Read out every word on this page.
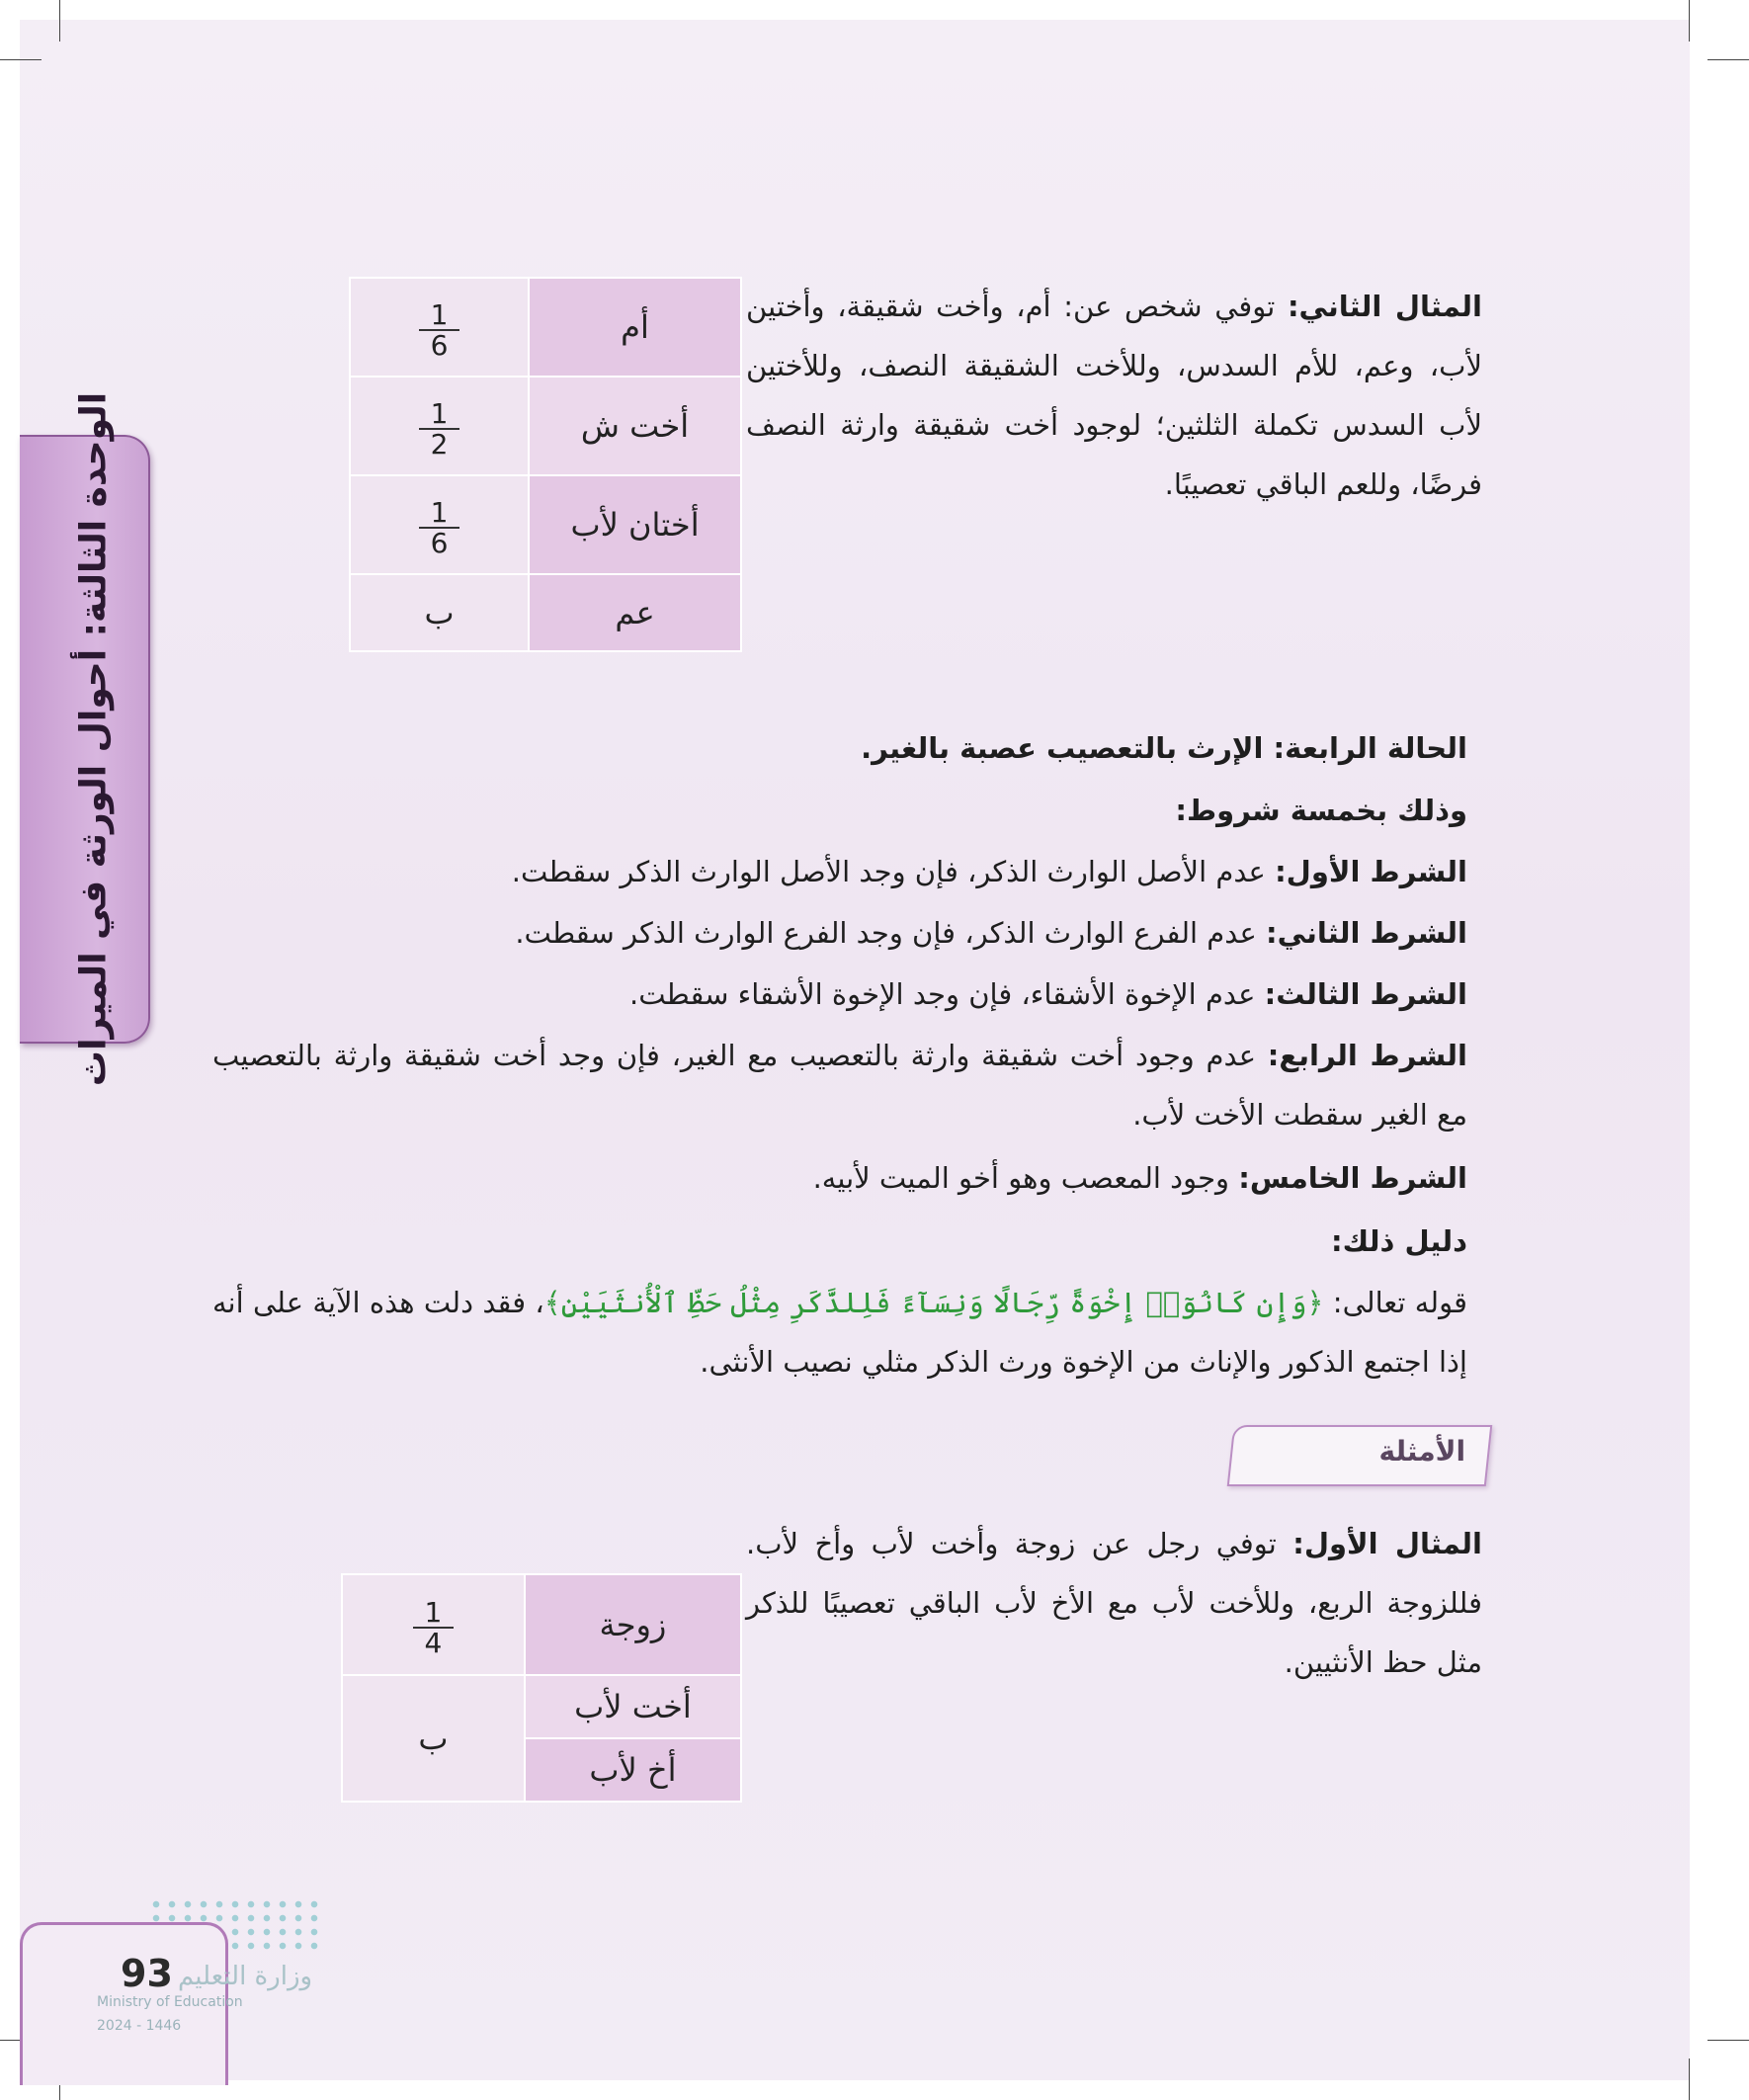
الوحدة الثالثة: أحوال الورثة في الميراث
المثال الثاني: توفي شخص عن: أم، وأخت شقيقة، وأختين لأب، وعم، للأم السدس، وللأخت الشقيقة النصف، وللأختين لأب السدس تكملة الثلثين؛ لوجود أخت شقيقة وارثة النصف فرضًا، وللعم الباقي تعصيبًا.
أم	$\frac{1}{6}$

أخت ش	$\frac{1}{2}$

أختان لأب	$\frac{1}{6}$

عم	ب
الحالة الرابعة: الإرث بالتعصيب عصبة بالغير.
وذلك بخمسة شروط:
الشرط الأول: عدم الأصل الوارث الذكر، فإن وجد الأصل الوارث الذكر سقطت.
الشرط الثاني: عدم الفرع الوارث الذكر، فإن وجد الفرع الوارث الذكر سقطت.
الشرط الثالث: عدم الإخوة الأشقاء، فإن وجد الإخوة الأشقاء سقطت.
الشرط الرابع: عدم وجود أخت شقيقة وارثة بالتعصيب مع الغير، فإن وجد أخت شقيقة وارثة بالتعصيب مع الغير سقطت الأخت لأب.
الشرط الخامس: وجود المعصب وهو أخو الميت لأبيه.
دليل ذلك:
قوله تعالى: ﴿وَإِن كَانُوٓا۟ إِخْوَةً رِّجَالًا وَنِسَآءً فَلِلذَّكَرِ مِثْلُ حَظِّ ٱلْأُنثَيَيْنِ﴾، فقد دلت هذه الآية على أنه إذا اجتمع الذكور والإناث من الإخوة ورث الذكر مثلي نصيب الأنثى.
الأمثلة
المثال الأول: توفي رجل عن زوجة وأخت لأب وأخ لأب. فللزوجة الربع، وللأخت لأب مع الأخ لأب الباقي تعصيبًا للذكر مثل حظ الأنثيين.
زوجة	$\frac{1}{4}$

أخت لأب	ب
أخ لأب	
وزارة التعليم
93
Ministry of Education
2024 - 1446
